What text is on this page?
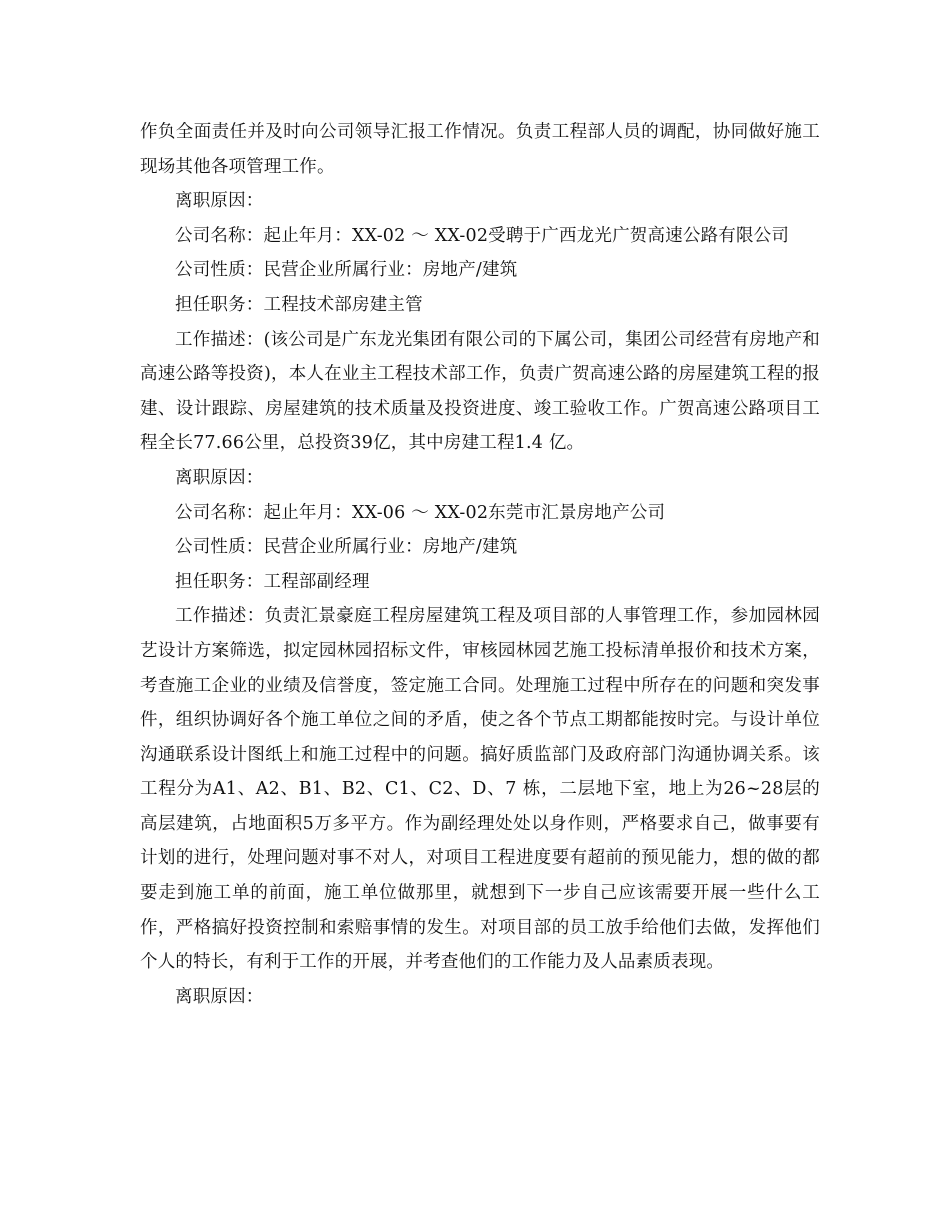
作负全面责任并及时向公司领导汇报工作情况。负责工程部人员的调配，协同做好施工现场其他各项管理工作。

离职原因：

公司名称：起止年月：XX-02 ～ XX-02受聘于广西龙光广贺高速公路有限公司

公司性质：民营企业所属行业：房地产/建筑

担任职务：工程技术部房建主管

工作描述：(该公司是广东龙光集团有限公司的下属公司，集团公司经营有房地产和高速公路等投资)，本人在业主工程技术部工作，负责广贺高速公路的房屋建筑工程的报建、设计跟踪、房屋建筑的技术质量及投资进度、竣工验收工作。广贺高速公路项目工程全长77.66公里，总投资39亿，其中房建工程1.4 亿。

离职原因：

公司名称：起止年月：XX-06 ～ XX-02东莞市汇景房地产公司

公司性质：民营企业所属行业：房地产/建筑

担任职务：工程部副经理

工作描述：负责汇景豪庭工程房屋建筑工程及项目部的人事管理工作，参加园林园艺设计方案筛选，拟定园林园招标文件，审核园林园艺施工投标清单报价和技术方案，考查施工企业的业绩及信誉度，签定施工合同。处理施工过程中所存在的问题和突发事件，组织协调好各个施工单位之间的矛盾，使之各个节点工期都能按时完。与设计单位沟通联系设计图纸上和施工过程中的问题。搞好质监部门及政府部门沟通协调关系。该工程分为A1、A2、B1、B2、C1、C2、D、7 栋，二层地下室，地上为26~28层的高层建筑，占地面积5万多平方。作为副经理处处以身作则，严格要求自己，做事要有计划的进行，处理问题对事不对人，对项目工程进度要有超前的预见能力，想的做的都要走到施工单的前面，施工单位做那里，就想到下一步自己应该需要开展一些什么工作，严格搞好投资控制和索赔事情的发生。对项目部的员工放手给他们去做，发挥他们个人的特长，有利于工作的开展，并考查他们的工作能力及人品素质表现。

离职原因：
